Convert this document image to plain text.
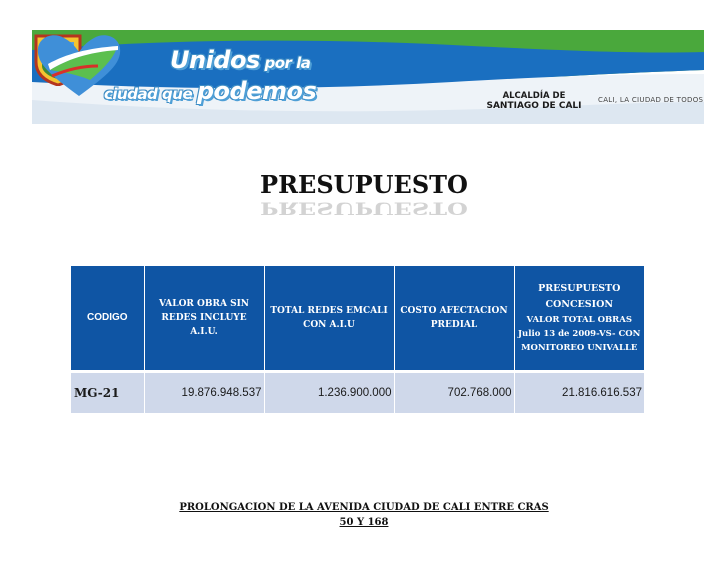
Unidos por la
ciudad que podemos	ALCALDÍA DE
SANTIAGO DE CALI
CALI, LA CIUDAD DE TODOS
PRESUPUESTO
PRESUPUESTO
CODIGO	VALOR OBRA SIN REDES INCLUYE A.I.U.	TOTAL REDES EMCALI CON A.I.U	COSTO AFECTACION PREDIAL	PRESUPUESTO CONCESION
VALOR TOTAL OBRAS Julio 13 de 2009-VS- CON MONITOREO UNIVALLE

MG-21	19.876.948.537	1.236.900.000	702.768.000	21.816.616.537
PROLONGACION DE LA AVENIDA CIUDAD DE CALI ENTRE CRAS
50 Y 168
